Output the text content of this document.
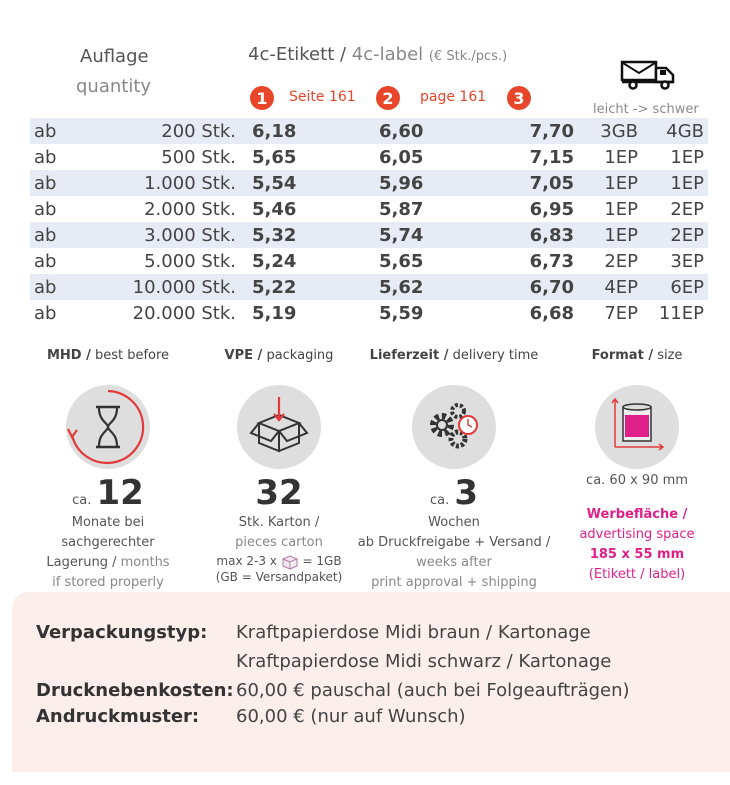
Auflage
quantity
4c-Etikett / 4c-label (€ Stk./pcs.)
1	Seite 161	2	page 161	3
leicht -> schwer
ab	200 Stk.	6,18	6,60	7,70	3GB	4GB
ab	500 Stk.	5,65	6,05	7,15	1EP	1EP
ab	1.000 Stk.	5,54	5,96	7,05	1EP	1EP
ab	2.000 Stk.	5,46	5,87	6,95	1EP	2EP
ab	3.000 Stk.	5,32	5,74	6,83	1EP	2EP
ab	5.000 Stk.	5,24	5,65	6,73	2EP	3EP
ab	10.000 Stk.	5,22	5,62	6,70	4EP	6EP
ab	20.000 Stk.	5,19	5,59	6,68	7EP	11EP
MHD / best before
ca. 12
Monate bei
sachgerechter
Lagerung / months
if stored properly
VPE / packaging
32
Stk. Karton /
pieces carton
max 2-3 x = 1GB
(GB = Versandpaket)
Lieferzeit / delivery time
ca. 3
Wochen
ab Druckfreigabe + Versand /
weeks after
print approval + shipping
Format / size
ca. 60 x 90 mm
Werbefläche /
advertising space
185 x 55 mm
(Etikett / label)
Verpackungstyp: Kraftpapierdose Midi braun / Kartonage
Kraftpapierdose Midi schwarz / Kartonage
Drucknebenkosten: 60,00 € pauschal (auch bei Folgeaufträgen)
Andruckmuster: 60,00 € (nur auf Wunsch)
